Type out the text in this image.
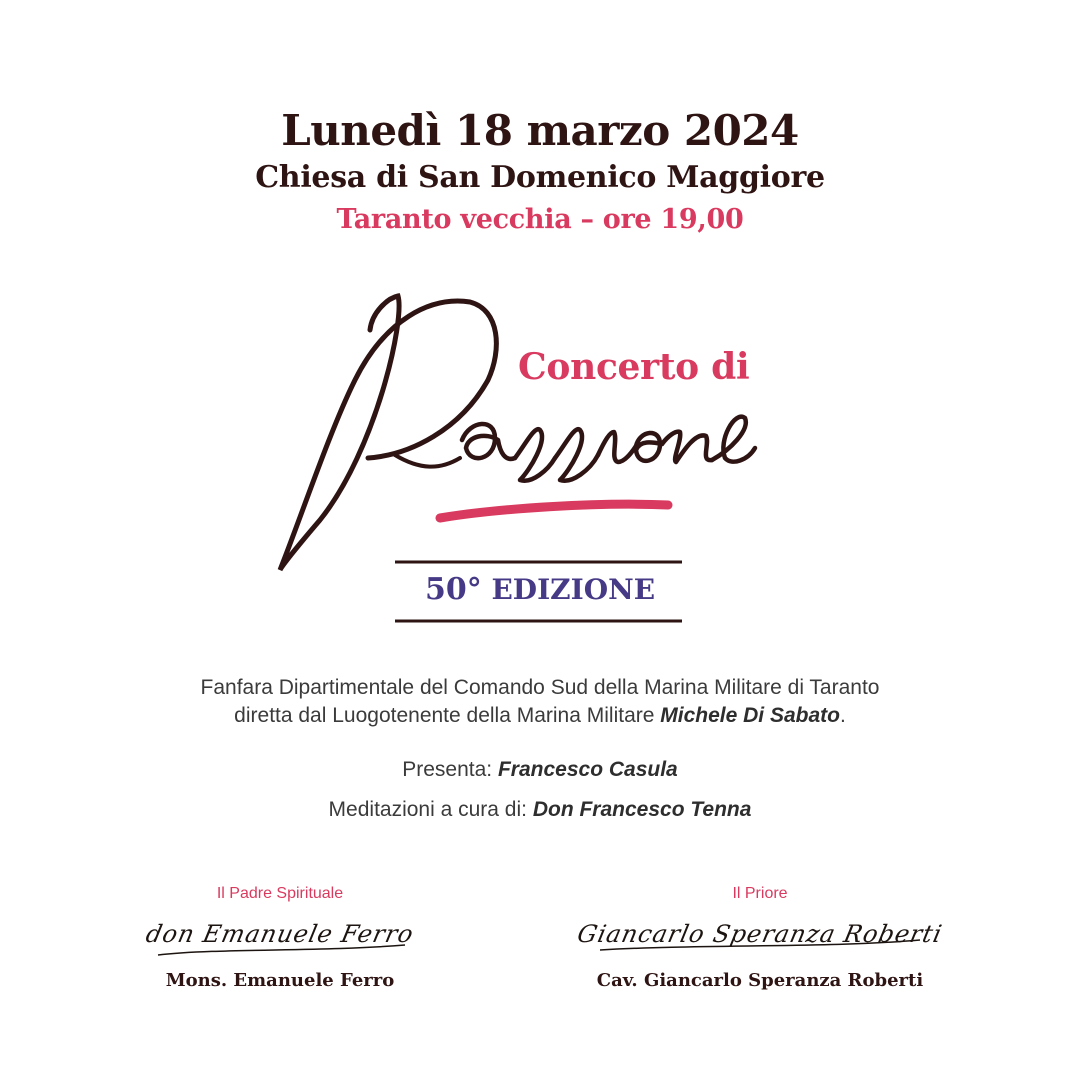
Lunedì 18 marzo 2024
Chiesa di San Domenico Maggiore
Taranto vecchia – ore 19,00
Concerto di
50° EDIZIONE
Fanfara Dipartimentale del Comando Sud della Marina Militare di Taranto
diretta dal Luogotenente della Marina Militare Michele Di Sabato.
Presenta: Francesco Casula
Meditazioni a cura di: Don Francesco Tenna
Il Padre Spirituale
don Emanuele Ferro
Mons. Emanuele Ferro
Il Priore
Giancarlo Speranza Roberti
Cav. Giancarlo Speranza Roberti
